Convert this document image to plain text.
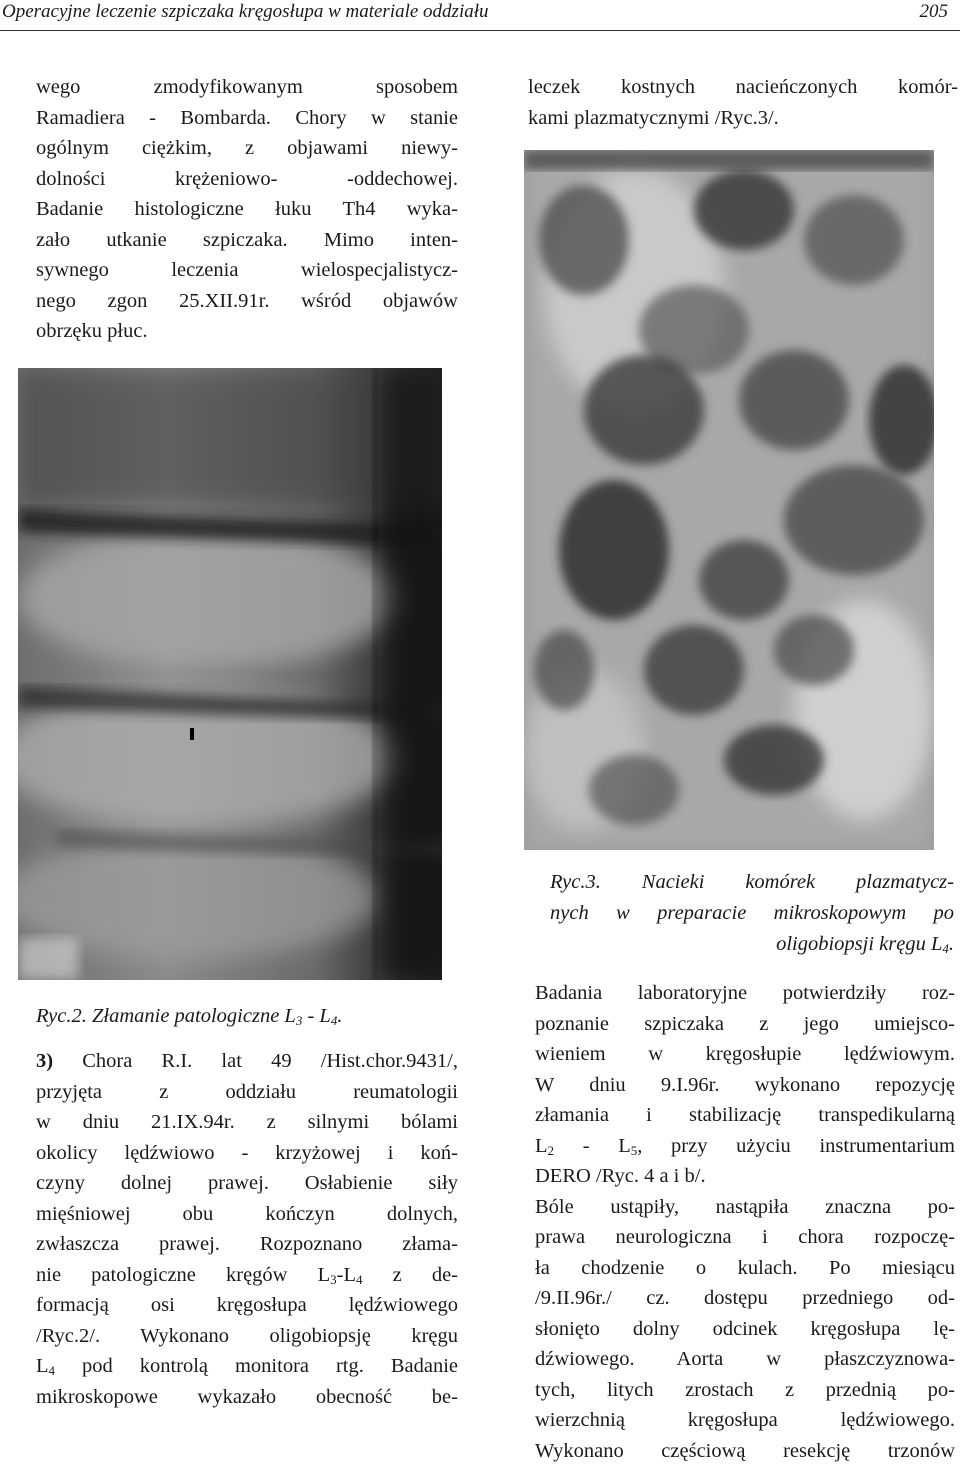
Operacyjne leczenie szpiczaka kręgosłupa w materiale oddziału	205
wego zmodyfikowanym sposobem
Ramadiera - Bombarda. Chory w stanie
ogólnym ciężkim, z objawami niewy-
dolności krężeniowo- -oddechowej.
Badanie histologiczne łuku Th4 wyka-
zało utkanie szpiczaka. Mimo inten-
sywnego leczenia wielospecjalistycz-
nego zgon 25.XII.91r. wśród objawów
obrzęku płuc.
leczek kostnych nacieńczonych komór-
kami plazmatycznymi /Ryc.3/.
Ryc.3. Nacieki komórek plazmatycz-
nych w preparacie mikroskopowym po
oligobiopsji kręgu $L_4$.
Ryc.2. Złamanie patologiczne $L_3 - L_4$.
3) Chora R.I. lat 49 /Hist.chor.9431/,
przyjęta z oddziału reumatologii
w dniu 21.IX.94r. z silnymi bólami
okolicy lędźwiowo - krzyżowej i koń-
czyny dolnej prawej. Osłabienie siły
mięśniowej obu kończyn dolnych,
zwłaszcza prawej. Rozpoznano złama-
nie patologiczne kręgów $L_3-L_4$ z de-
formacją osi kręgosłupa lędźwiowego
/Ryc.2/. Wykonano oligobiopsję kręgu
$L_4$ pod kontrolą monitora rtg. Badanie
mikroskopowe wykazało obecność be-
Badania laboratoryjne potwierdziły roz-
poznanie szpiczaka z jego umiejsco-
wieniem w kręgosłupie lędźwiowym.
W dniu 9.I.96r. wykonano repozycję
złamania i stabilizację transpedikularną
$L_2 - L_5$, przy użyciu instrumentarium
DERO /Ryc. 4 a i b/.
Bóle ustąpiły, nastąpiła znaczna po-
prawa neurologiczna i chora rozpoczę-
ła chodzenie o kulach. Po miesiącu
/9.II.96r./ cz. dostępu przedniego od-
słonięto dolny odcinek kręgosłupa lę-
dźwiowego. Aorta w płaszczyznowa-
tych, litych zrostach z przednią po-
wierzchnią kręgosłupa lędźwiowego.
Wykonano częściową resekcję trzonów
